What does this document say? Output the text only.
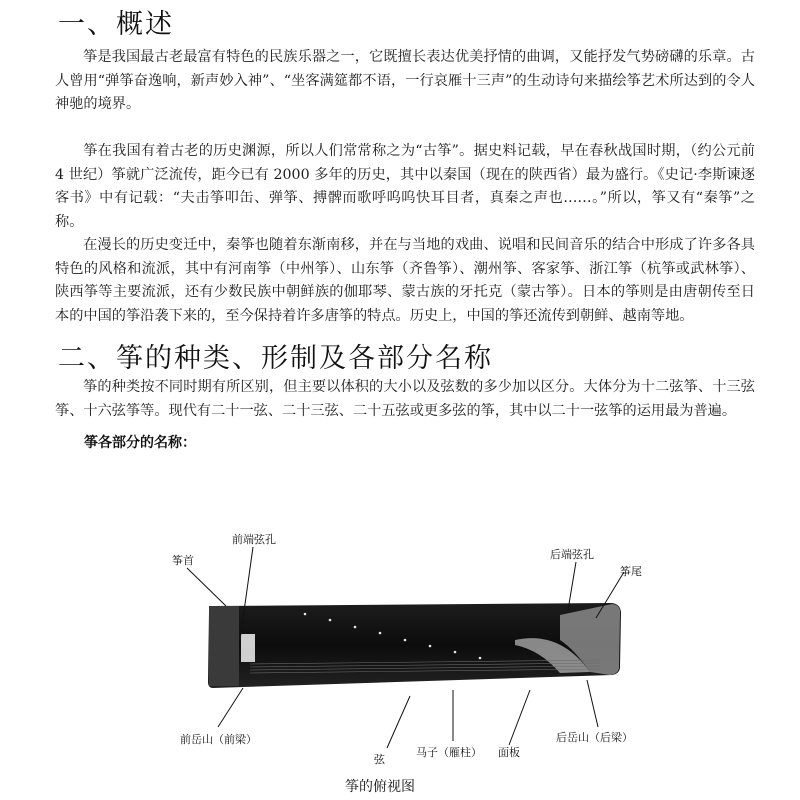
一、概述

筝是我国最古老最富有特色的民族乐器之一，它既擅长表达优美抒情的曲调，又能抒发气势磅礴的乐章。古人曾用“弹筝奋逸响，新声妙入神”、“坐客满筵都不语，一行哀雁十三声”的生动诗句来描绘筝艺术所达到的令人神驰的境界。

筝在我国有着古老的历史渊源，所以人们常常称之为“古筝”。据史料记载，早在春秋战国时期，（约公元前 4 世纪）筝就广泛流传，距今已有 2000 多年的历史，其中以秦国（现在的陕西省）最为盛行。《史记·李斯谏逐客书》中有记载：“夫击筝叩缶、弹筝、搏髀而歌呼呜呜快耳目者，真秦之声也……。”所以，筝又有“秦筝”之称。

在漫长的历史变迁中，秦筝也随着东渐南移，并在与当地的戏曲、说唱和民间音乐的结合中形成了许多各具特色的风格和流派，其中有河南筝（中州筝）、山东筝（齐鲁筝）、潮州筝、客家筝、浙江筝（杭筝或武林筝）、陕西筝等主要流派，还有少数民族中朝鲜族的伽耶琴、蒙古族的牙托克（蒙古筝）。日本的筝则是由唐朝传至日本的中国的筝沿袭下来的，至今保持着许多唐筝的特点。历史上，中国的筝还流传到朝鲜、越南等地。

二、筝的种类、形制及各部分名称

筝的种类按不同时期有所区别，但主要以体积的大小以及弦数的多少加以区分。大体分为十二弦筝、十三弦筝、十六弦筝等。现代有二十一弦、二十三弦、二十五弦或更多弦的筝，其中以二十一弦筝的运用最为普遍。

筝各部分的名称：

筝首
前端弦孔
后端弦孔
筝尾
前岳山（前梁）
弦
马子（雁柱） 面板
后岳山（后梁）
筝的俯视图
